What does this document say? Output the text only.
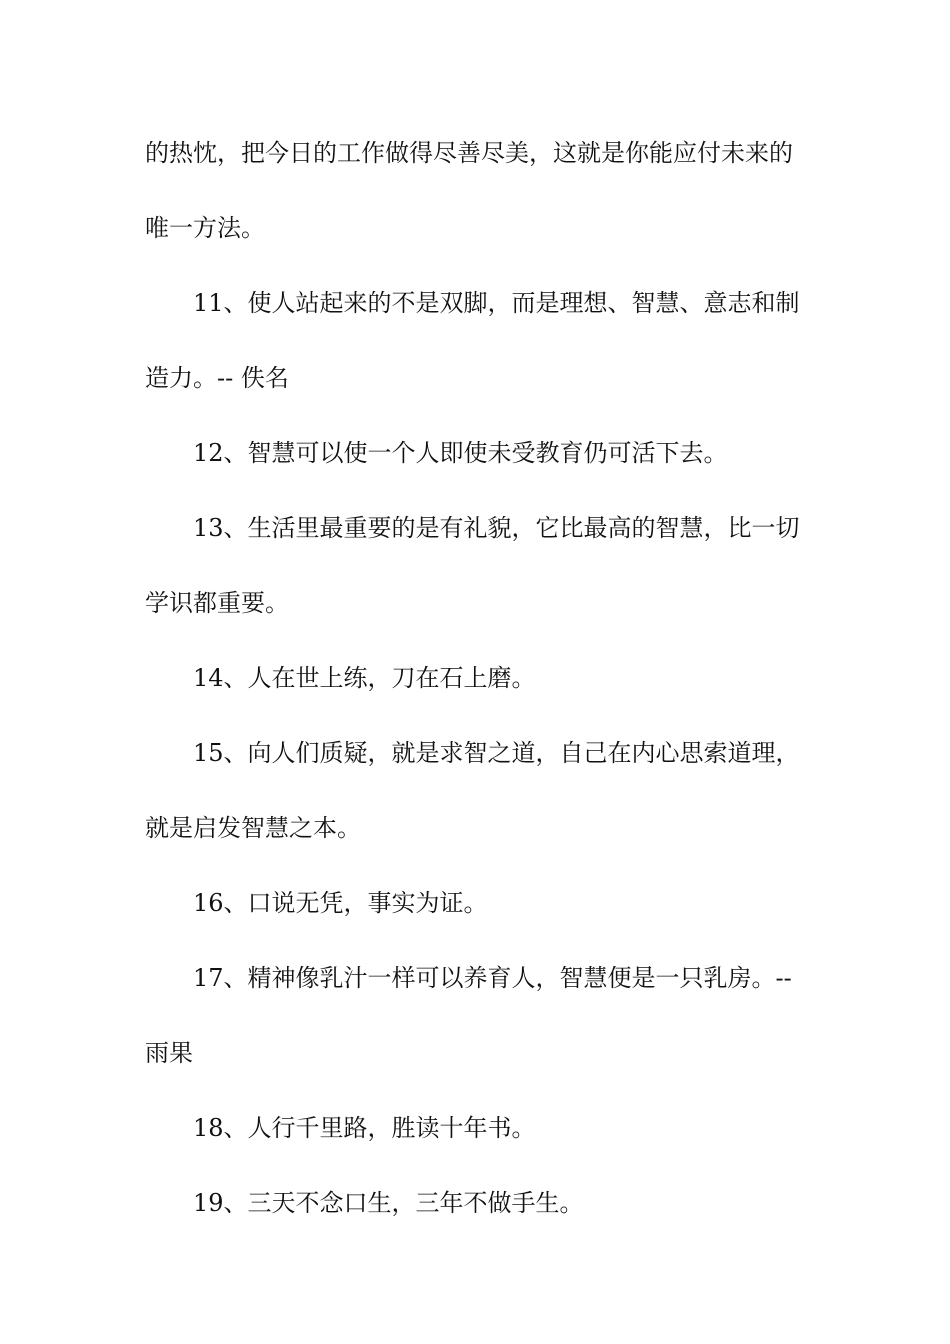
的热忱，把今日的工作做得尽善尽美，这就是你能应付未来的
唯一方法。
11、使人站起来的不是双脚，而是理想、智慧、意志和制
造力。-- 佚名
12、智慧可以使一个人即使未受教育仍可活下去。
13、生活里最重要的是有礼貌，它比最高的智慧，比一切
学识都重要。
14、人在世上练，刀在石上磨。
15、向人们质疑，就是求智之道，自己在内心思索道理，
就是启发智慧之本。
16、口说无凭，事实为证。
17、精神像乳汁一样可以养育人，智慧便是一只乳房。--
雨果
18、人行千里路，胜读十年书。
19、三天不念口生，三年不做手生。
